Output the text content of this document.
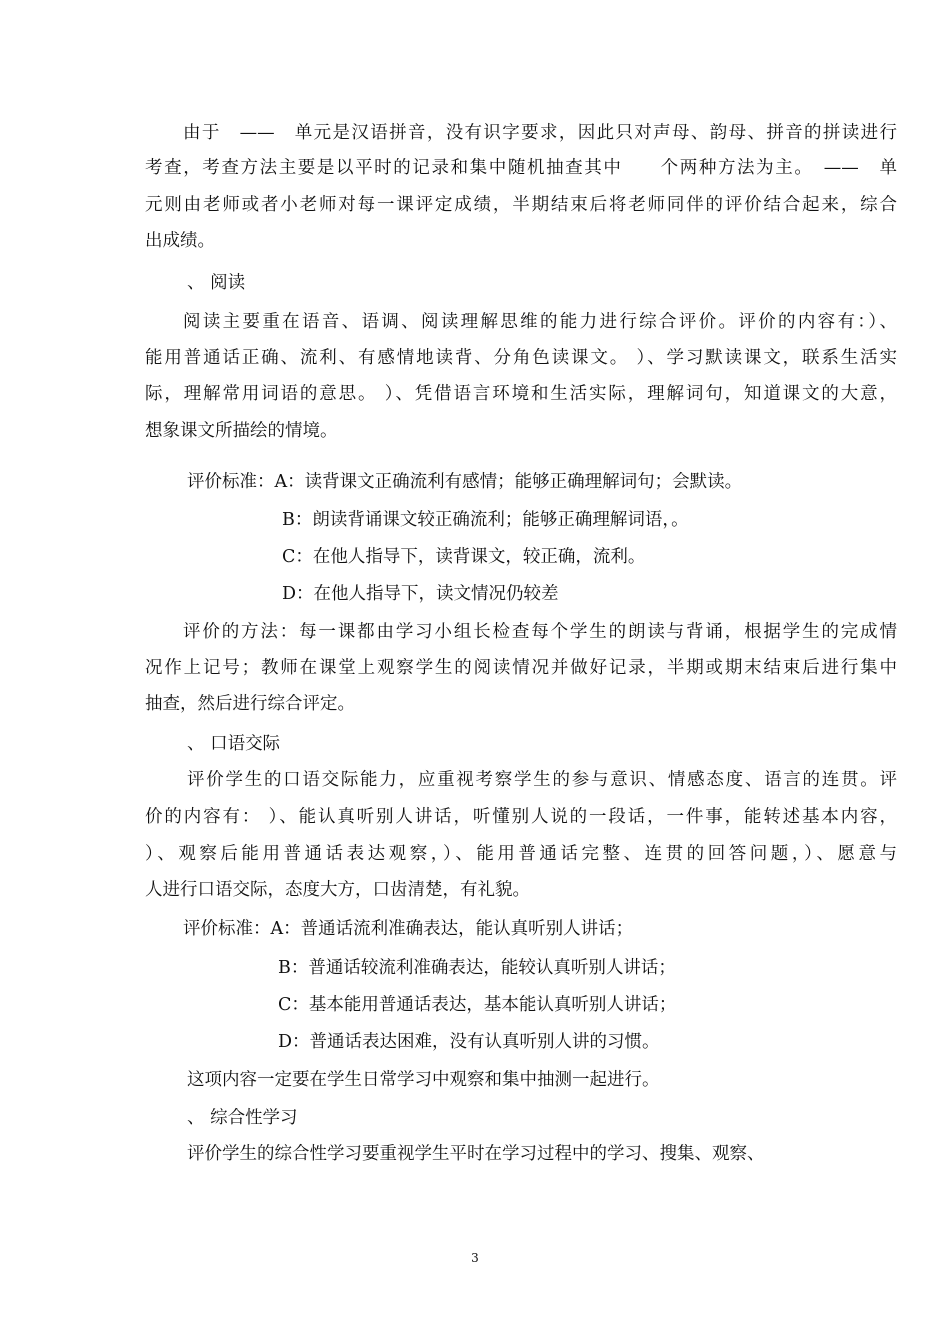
由于　——　单元是汉语拼音，没有识字要求，因此只对声母、韵母、拼音的拼读进行
考查，考查方法主要是以平时的记录和集中随机抽查其中　　个两种方法为主。　——　单
元则由老师或者小老师对每一课评定成绩，半期结束后将老师同伴的评价结合起来，综合
出成绩。
、 阅读
阅读主要重在语音、语调、阅读理解思维的能力进行综合评价。评价的内容有：）、
能用普通话正确、流利、有感情地读背、分角色读课文。 ）、学习默读课文，联系生活实
际，理解常用词语的意思。 ）、凭借语言环境和生活实际，理解词句，知道课文的大意，
想象课文所描绘的情境。
评价标准：A：读背课文正确流利有感情；能够正确理解词句；会默读。
B：朗读背诵课文较正确流利；能够正确理解词语，。
C：在他人指导下，读背课文，较正确，流利。
D：在他人指导下，读文情况仍较差
评价的方法：每一课都由学习小组长检查每个学生的朗读与背诵，根据学生的完成情
况作上记号；教师在课堂上观察学生的阅读情况并做好记录，半期或期末结束后进行集中
抽查，然后进行综合评定。
、 口语交际
评价学生的口语交际能力，应重视考察学生的参与意识、情感态度、语言的连贯。评
价的内容有： ）、能认真听别人讲话，听懂别人说的一段话，一件事，能转述基本内容，
）、观察后能用普通话表达观察，）、能用普通话完整、连贯的回答问题，）、愿意与
人进行口语交际，态度大方，口齿清楚，有礼貌。
评价标准：A：普通话流利准确表达，能认真听别人讲话；
B：普通话较流利准确表达，能较认真听别人讲话；
C：基本能用普通话表达，基本能认真听别人讲话；
D：普通话表达困难，没有认真听别人讲的习惯。
这项内容一定要在学生日常学习中观察和集中抽测一起进行。
、 综合性学习
评价学生的综合性学习要重视学生平时在学习过程中的学习、搜集、观察、
3
